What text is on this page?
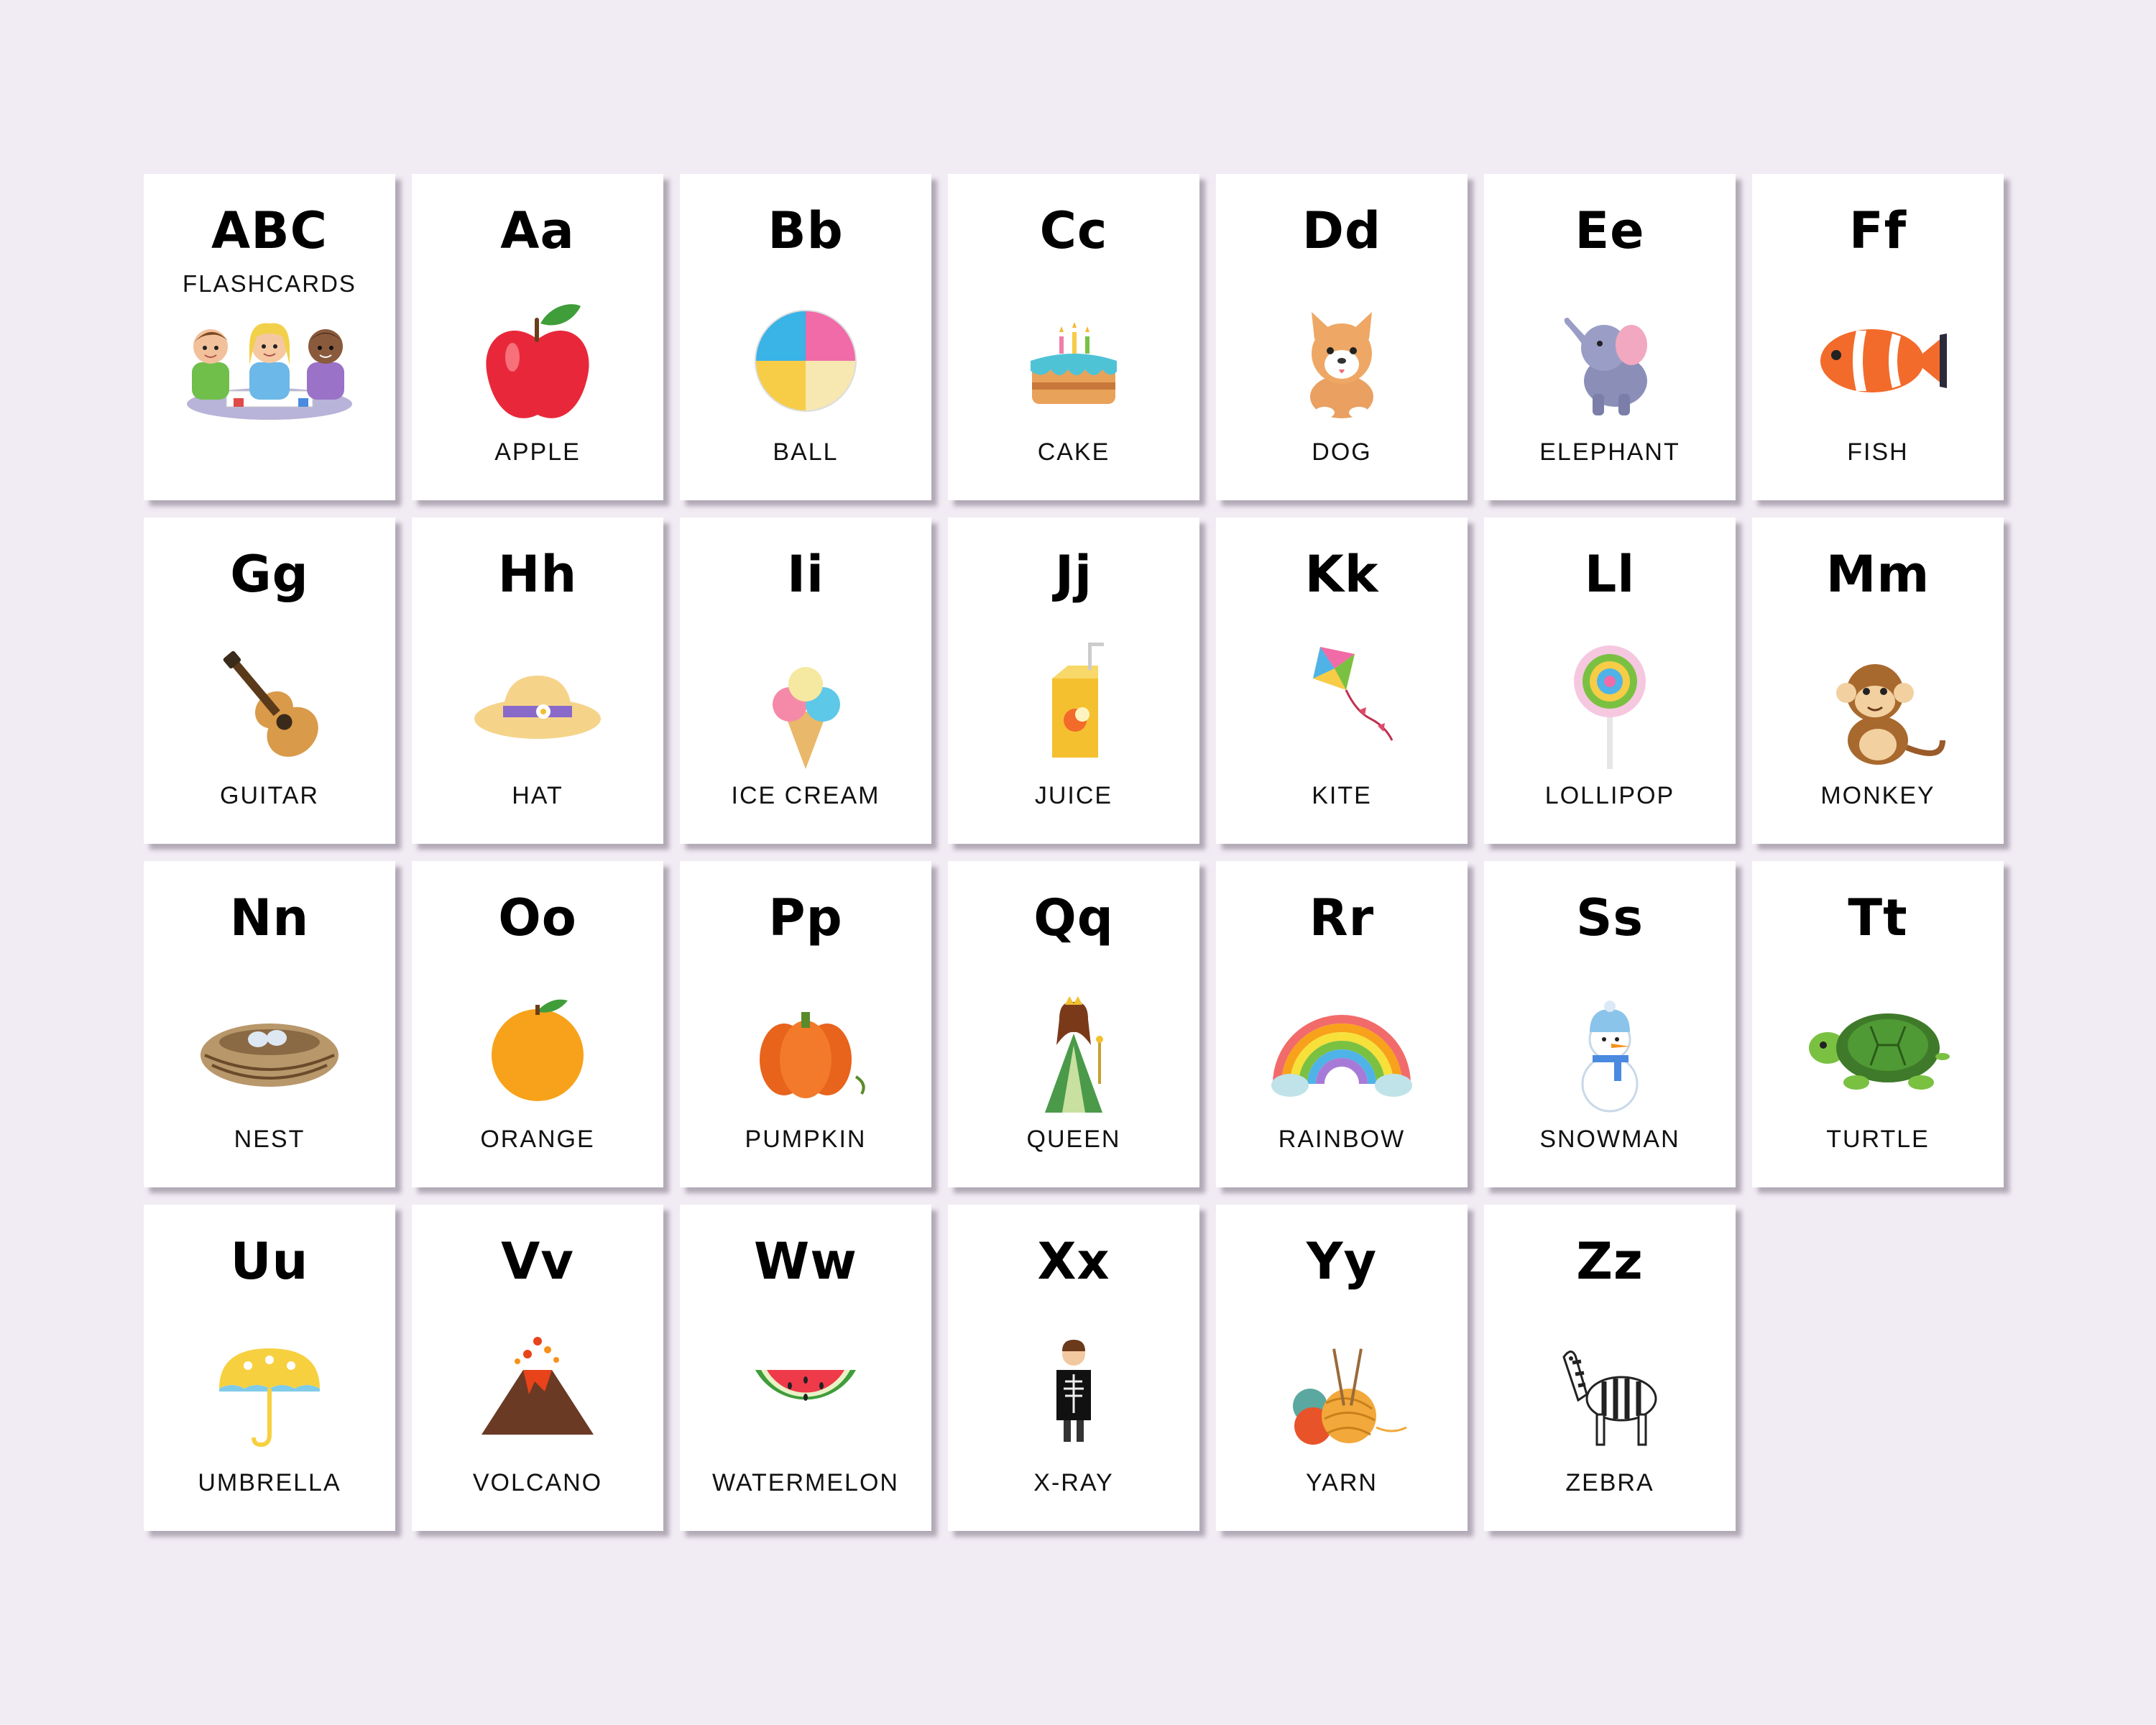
ABC
FLASHCARDS
Aa
APPLE
Bb
BALL
Cc
CAKE
Dd
DOG
Ee
ELEPHANT
Ff
FISH
Gg
GUITAR
Hh
HAT
Ii
ICE CREAM
Jj
JUICE
Kk
KITE
Ll
LOLLIPOP
Mm
MONKEY
Nn
NEST
Oo
ORANGE
Pp
PUMPKIN
Qq
QUEEN
Rr
RAINBOW
Ss
SNOWMAN
Tt
TURTLE
Uu
UMBRELLA
Vv
VOLCANO
Ww
WATERMELON
Xx
X-RAY
Yy
YARN
Zz
ZEBRA
